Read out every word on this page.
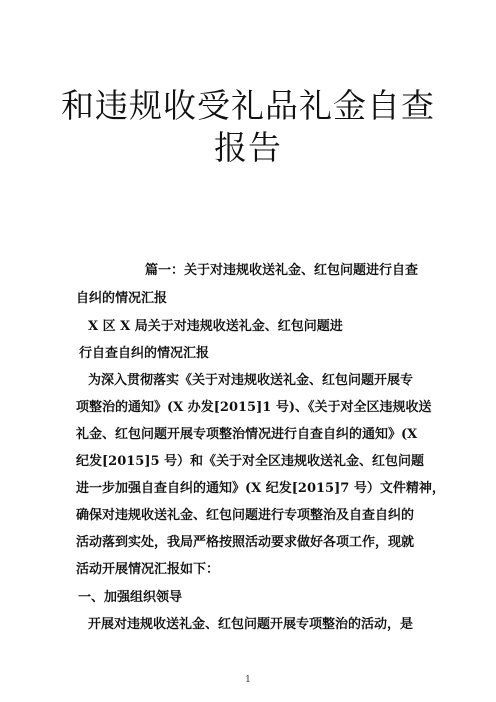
和违规收受礼品礼金自查
报告
篇一：关于对违规收送礼金、红包问题进行自查
自纠的情况汇报
X 区 X 局关于对违规收送礼金、红包问题进
行自查自纠的情况汇报
为深入贯彻落实《关于对违规收送礼金、红包问题开展专
项整治的通知》(X 办发[2015]1 号)、《关于对全区违规收送
礼金、红包问题开展专项整治情况进行自查自纠的通知》(X
纪发[2015]5 号）和《关于对全区违规收送礼金、红包问题
进一步加强自查自纠的通知》(X 纪发[2015]7 号）文件精神，
确保对违规收送礼金、红包问题进行专项整治及自查自纠的
活动落到实处，我局严格按照活动要求做好各项工作，现就
活动开展情况汇报如下：
一、加强组织领导
开展对违规收送礼金、红包问题开展专项整治的活动，是
1
